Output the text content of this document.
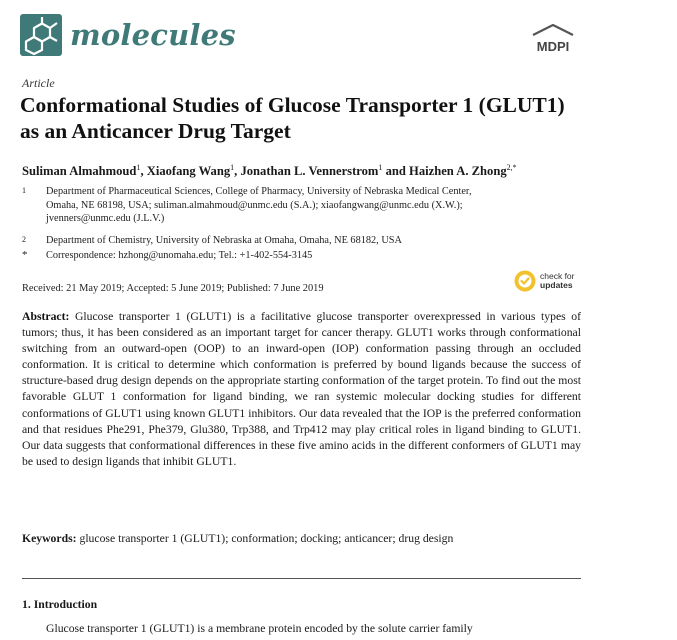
molecules	MDPI
Article
Conformational Studies of Glucose Transporter 1 (GLUT1) as an Anticancer Drug Target
Suliman Almahmoud$^1$, Xiaofang Wang$^1$, Jonathan L. Vennerstrom$^1$ and Haizhen A. Zhong$^{2,*}$
1 Department of Pharmaceutical Sciences, College of Pharmacy, University of Nebraska Medical Center,
Omaha, NE 68198, USA; suliman.almahmoud@unmc.edu (S.A.); xiaofangwang@unmc.edu (X.W.);
jvenners@unmc.edu (J.L.V.)
2 Department of Chemistry, University of Nebraska at Omaha, Omaha, NE 68182, USA
* Correspondence: hzhong@unomaha.edu; Tel.: +1-402-554-3145
Received: 21 May 2019; Accepted: 5 June 2019; Published: 7 June 2019
check for
updates
Abstract: Glucose transporter 1 (GLUT1) is a facilitative glucose transporter overexpressed in various types of tumors; thus, it has been considered as an important target for cancer therapy. GLUT1 works through conformational switching from an outward-open (OOP) to an inward-open (IOP) conformation passing through an occluded conformation. It is critical to determine which conformation is preferred by bound ligands because the success of structure-based drug design depends on the appropriate starting conformation of the target protein. To find out the most favorable GLUT 1 conformation for ligand binding, we ran systemic molecular docking studies for different conformations of GLUT1 using known GLUT1 inhibitors. Our data revealed that the IOP is the preferred conformation and that residues Phe291, Phe379, Glu380, Trp388, and Trp412 may play critical roles in ligand binding to GLUT1. Our data suggests that conformational differences in these five amino acids in the different conformers of GLUT1 may be used to design ligands that inhibit GLUT1.
Keywords: glucose transporter 1 (GLUT1); conformation; docking; anticancer; drug design
1. Introduction
Glucose transporter 1 (GLUT1) is a membrane protein encoded by the solute carrier family
